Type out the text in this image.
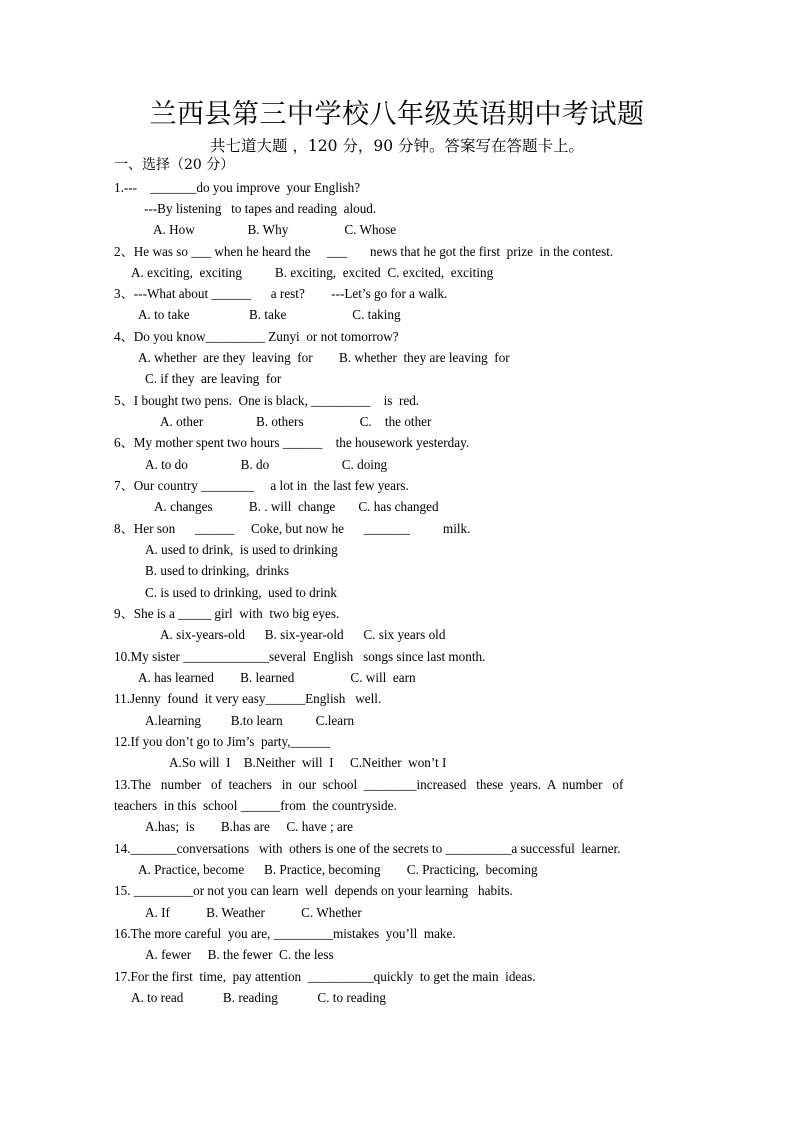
兰西县第三中学校八年级英语期中考试题
共七道大题 ，120 分，90 分钟。答案写在答题卡上。
一、选择（20 分）
1.---    _______do you improve  your English?
---By listening   to tapes and reading  aloud.
A. How                B. Why                 C. Whose
2、He was so ___ when he heard the     ___       news that he got the first  prize  in the contest.
A. exciting,  exciting          B. exciting,  excited  C. excited,  exciting
3、---What about ______      a rest?        ---Let’s go for a walk.
A. to take                  B. take                    C. taking
4、Do you know_________ Zunyi  or not tomorrow?
A. whether  are they  leaving  for        B. whether  they are leaving  for
C. if they  are leaving  for
5、I bought two pens.  One is black, _________    is  red.
A. other                B. others                 C.    the other
6、My mother spent two hours ______    the housework yesterday.
A. to do                B. do                      C. doing
7、Our country ________     a lot in  the last few years.
A. changes           B. . will  change       C. has changed
8、Her son      ______     Coke, but now he      _______          milk.
A. used to drink,  is used to drinking
B. used to drinking,  drinks
C. is used to drinking,  used to drink
9、She is a _____ girl  with  two big eyes.
A. six-years-old      B. six-year-old      C. six years old
10.My sister _____________several  English   songs since last month.
A. has learned        B. learned                 C. will  earn
11.Jenny  found  it very easy______English   well.
A.learning         B.to learn          C.learn
12.If you don’t go to Jim’s  party,______
A.So will  I    B.Neither  will  I     C.Neither  won’t I
13.The   number   of  teachers   in  our  school  ________increased   these  years.  A  number   of
teachers  in this  school ______from  the countryside.
A.has;  is        B.has are     C. have ; are
14._______conversations   with  others is one of the secrets to __________a successful  learner.
A. Practice, become      B. Practice, becoming        C. Practicing,  becoming
15. _________or not you can learn  well  depends on your learning   habits.
A. If           B. Weather           C. Whether
16.The more careful  you are, _________mistakes  you’ll  make.
A. fewer     B. the fewer  C. the less
17.For the first  time,  pay attention  __________quickly  to get the main  ideas.
A. to read            B. reading            C. to reading
